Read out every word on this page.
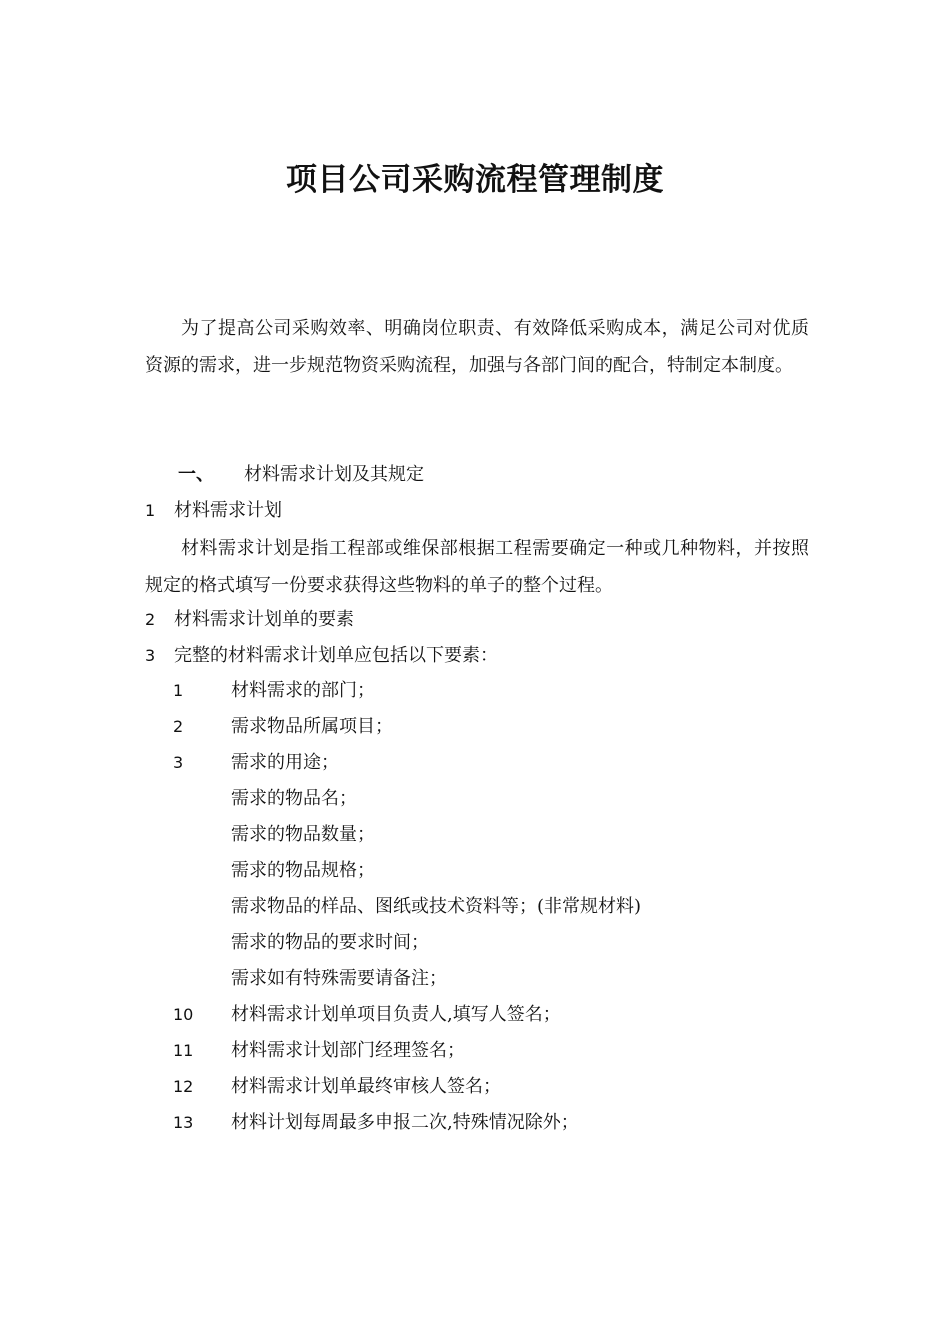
项目公司采购流程管理制度

为了提高公司采购效率、明确岗位职责、有效降低采购成本，满足公司对优质资源的需求，进一步规范物资采购流程，加强与各部门间的配合，特制定本制度。

一、 材料需求计划及其规定
1 材料需求计划

材料需求计划是指工程部或维保部根据工程需要确定一种或几种物料，并按照规定的格式填写一份要求获得这些物料的单子的整个过程。

2 材料需求计划单的要素
3 完整的材料需求计划单应包括以下要素：
1	材料需求的部门；
2	需求物品所属项目；
3	需求的用途；
需求的物品名；
需求的物品数量；
需求的物品规格；
需求物品的样品、图纸或技术资料等；(非常规材料)
需求的物品的要求时间；
需求如有特殊需要请备注；
10 材料需求计划单项目负责人,填写人签名；
11 材料需求计划部门经理签名；
12 材料需求计划单最终审核人签名；
13 材料计划每周最多申报二次,特殊情况除外；
